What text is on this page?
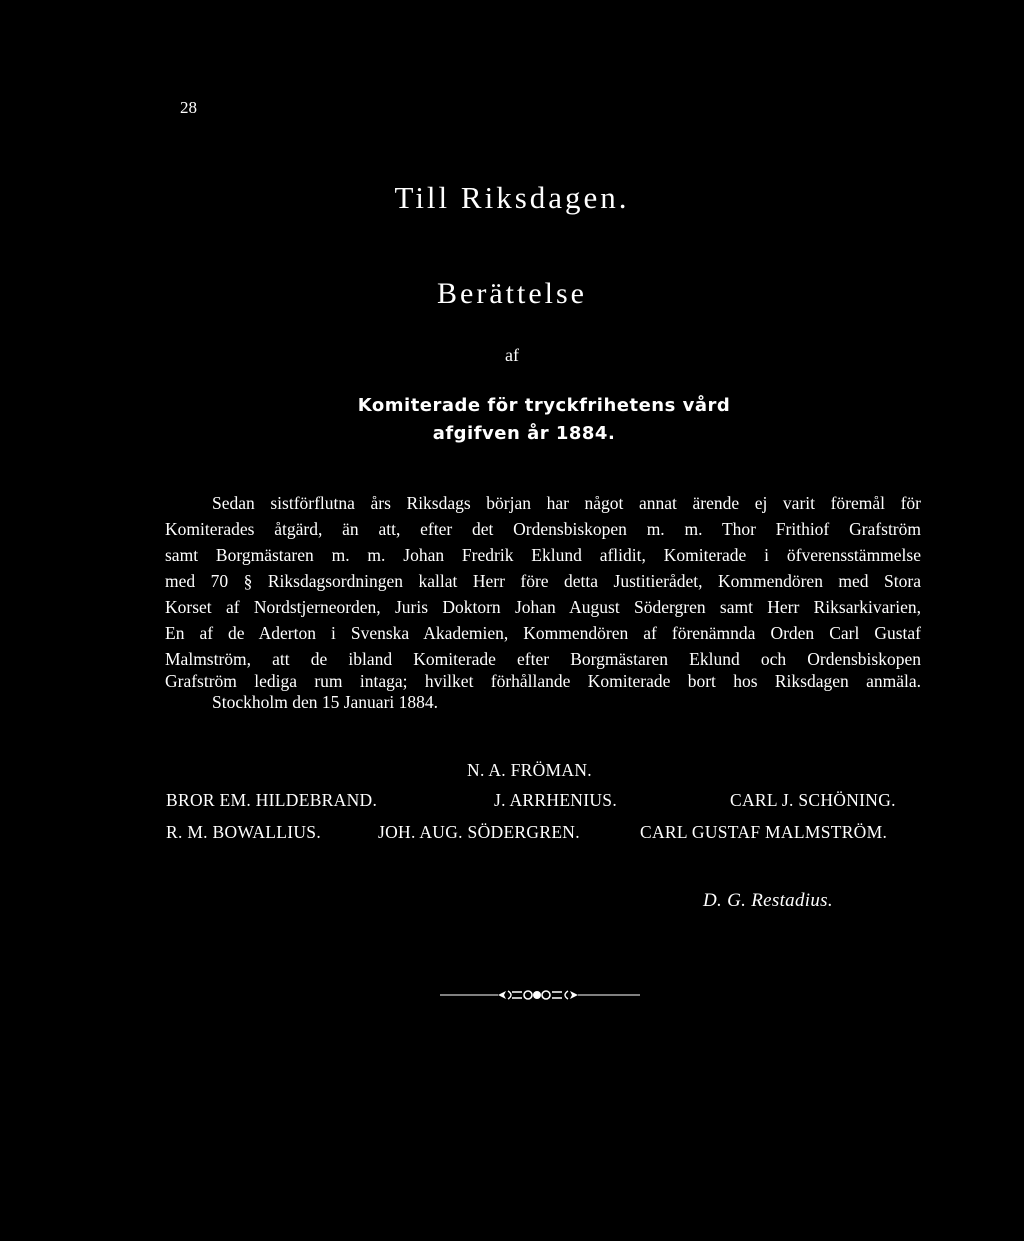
28
Till Riksdagen.
Berättelse
af
Komiterade för tryckfrihetens vård
afgifven år 1884.
Sedan sistförflutna års Riksdags början har något annat ärende ej varit föremål för
Komiterades åtgärd, än att, efter det Ordensbiskopen m. m. Thor Frithiof Grafström
samt Borgmästaren m. m. Johan Fredrik Eklund aflidit, Komiterade i öfverensstämmelse
med 70 § Riksdagsordningen kallat Herr före detta Justitierådet, Kommendören med Stora
Korset af Nordstjerneorden, Juris Doktorn Johan August Södergren samt Herr Riksarkivarien,
En af de Aderton i Svenska Akademien, Kommendören af förenämnda Orden Carl Gustaf
Malmström, att de ibland Komiterade efter Borgmästaren Eklund och Ordensbiskopen
Grafström lediga rum intaga; hvilket förhållande Komiterade bort hos Riksdagen anmäla.
Stockholm den 15 Januari 1884.
N. A. FRÖMAN.
BROR EM. HILDEBRAND.	J. ARRHENIUS.	CARL J. SCHÖNING.
R. M. BOWALLIUS.	JOH. AUG. SÖDERGREN.	CARL GUSTAF MALMSTRÖM.
D. G. Restadius.
